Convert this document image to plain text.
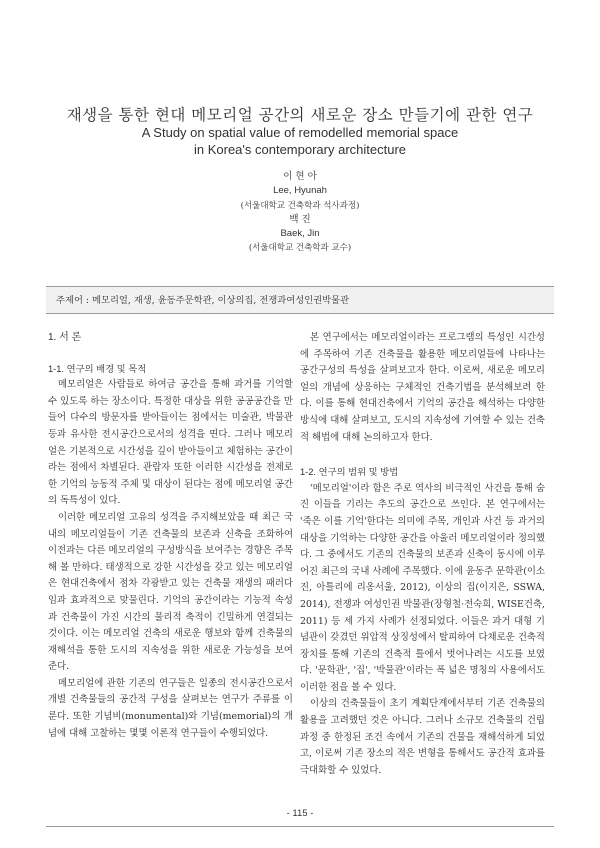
재생을 통한 현대 메모리얼 공간의 새로운 장소 만들기에 관한 연구
A Study on spatial value of remodelled memorial space
in Korea's contemporary architecture
이 현 아
Lee, Hyunah
(서울대학교 건축학과 석사과정)
백 진
Baek, Jin
(서울대학교 건축학과 교수)
주제어 : 메모리얼, 재생, 윤동주문학관, 이상의집, 전쟁과여성인권박물관
1. 서 론
1-1. 연구의 배경 및 목적

메모리얼은 사람들로 하여금 공간을 통해 과거를 기억할 수 있도록 하는 장소이다. 특정한 대상을 위한 공공공간을 만들어 다수의 방문자를 받아들이는 점에서는 미술관, 박물관 등과 유사한 전시공간으로서의 성격을 띤다. 그러나 메모리얼은 기본적으로 시간성을 깊이 받아들이고 체험하는 공간이라는 점에서 차별된다. 관람자 또한 이러한 시간성을 전제로 한 기억의 능동적 주체 및 대상이 된다는 점에 메모리얼 공간의 독특성이 있다.

이러한 메모리얼 고유의 성격을 주지해보았을 때 최근 국내의 메모리얼들이 기존 건축물의 보존과 신축을 조화하여 이전과는 다른 메모리얼의 구성방식을 보여주는 경향은 주목해 볼 만하다. 태생적으로 강한 시간성을 갖고 있는 메모리얼은 현대건축에서 점차 각광받고 있는 건축물 재생의 패러다임과 효과적으로 맞물린다. 기억의 공간이라는 기능적 속성과 건축물이 가진 시간의 물리적 축적이 긴밀하게 연결되는 것이다. 이는 메모리얼 건축의 새로운 행보와 함께 건축물의 재해석을 통한 도시의 지속성을 위한 새로운 가능성을 보여준다.

메모리얼에 관한 기존의 연구들은 일종의 전시공간으로서 개별 건축물들의 공간적 구성을 살펴보는 연구가 주류를 이룬다. 또한 기념비(monumental)와 기념(memorial)의 개념에 대해 고찰하는 몇몇 이론적 연구들이 수행되었다.

본 연구에서는 메모리얼이라는 프로그램의 특성인 시간성에 주목하여 기존 건축물을 활용한 메모리얼들에 나타나는 공간구성의 특성을 살펴보고자 한다. 이로써, 새로운 메모리얼의 개념에 상응하는 구체적인 건축기법을 분석해보려 한다. 이를 통해 현대건축에서 기억의 공간을 해석하는 다양한 방식에 대해 살펴보고, 도시의 지속성에 기여할 수 있는 건축적 해법에 대해 논의하고자 한다.

1-2. 연구의 범위 및 방법

'메모리얼'이라 함은 주로 역사의 비극적인 사건을 통해 숨진 이들을 기리는 추도의 공간으로 쓰인다. 본 연구에서는 '죽은 이를 기억'한다는 의미에 주목, 개인과 사건 등 과거의 대상을 기억하는 다양한 공간을 아울러 메모리얼이라 정의했다. 그 중에서도 기존의 건축물의 보존과 신축이 동시에 이루어진 최근의 국내 사례에 주목했다. 이에 윤동주 문학관(이소진, 아틀리에 리옹서울, 2012), 이상의 집(이지은, SSWA, 2014), 전쟁과 여성인권 박물관(장형철·전숙희, WISE건축, 2011) 등 세 가지 사례가 선정되었다. 이들은 과거 대형 기념관이 갖겼던 위압적 상징성에서 탈피하여 다채로운 건축적 장치를 통해 기존의 건축적 틀에서 벗어나려는 시도를 보였다. '문학관', '집', '박물관'이라는 폭 넓은 명칭의 사용에서도 이러한 점을 볼 수 있다.

이상의 건축물들이 초기 계획단계에서부터 기존 건축물의 활용을 고려했던 것은 아니다. 그러나 소규모 건축물의 건립과정 중 한정된 조건 속에서 기존의 건물을 재해석하게 되었고, 이로써 기존 장소의 적은 변형을 통해서도 공간적 효과를 극대화할 수 있었다.

- 115 -
